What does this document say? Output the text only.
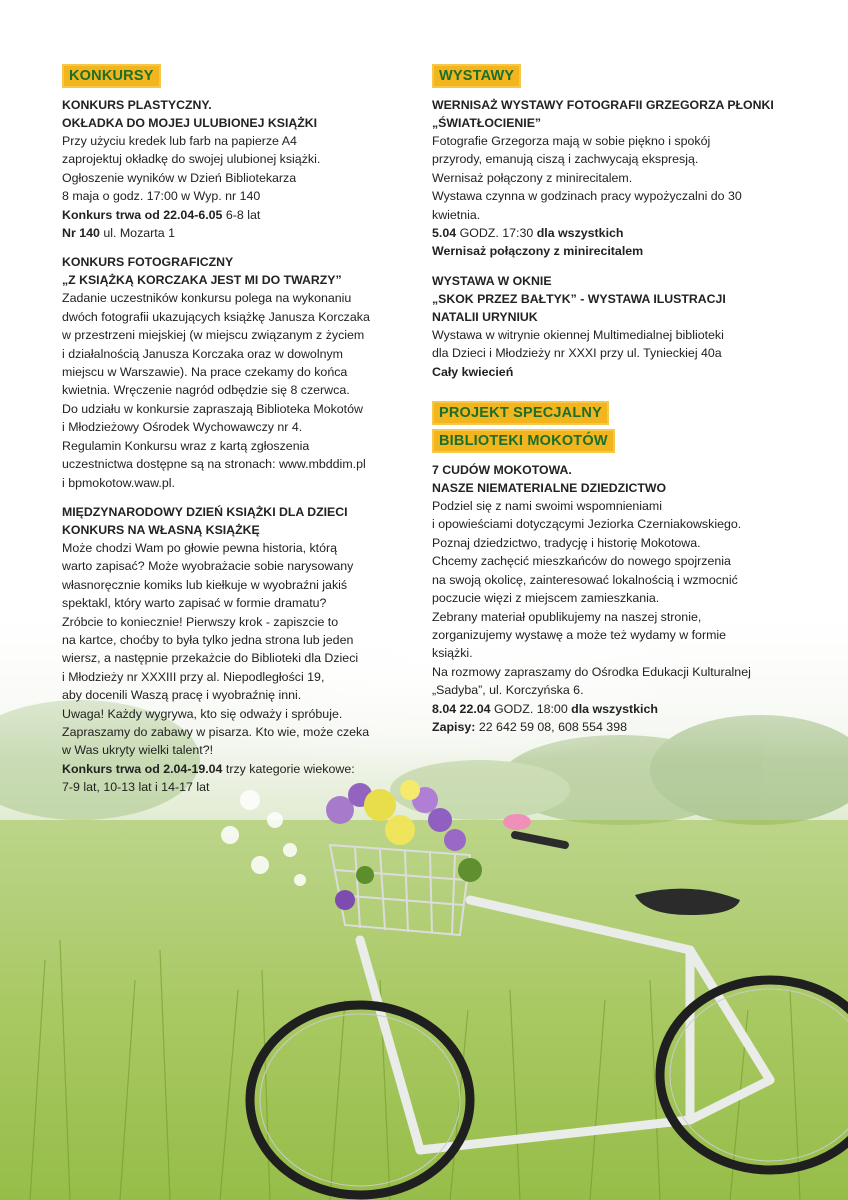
KONKURSY
KONKURS PLASTYCZNY.
OKŁADKA DO MOJEJ ULUBIONEJ KSIĄŻKI
Przy użyciu kredek lub farb na papierze A4
zaprojektuj okładkę do swojej ulubionej książki.
Ogłoszenie wyników w Dzień Bibliotekarza
8 maja o godz. 17:00 w Wyp. nr 140
Konkurs trwa od 22.04-6.05 6-8 lat
Nr 140 ul. Mozarta 1
KONKURS FOTOGRAFICZNY
„Z KSIĄŻKĄ KORCZAKA JEST MI DO TWARZY”
Zadanie uczestników konkursu polega na wykonaniu
dwóch fotografii ukazujących książkę Janusza Korczaka
w przestrzeni miejskiej (w miejscu związanym z życiem
i działalnością Janusza Korczaka oraz w dowolnym
miejscu w Warszawie). Na prace czekamy do końca
kwietnia. Wręczenie nagród odbędzie się 8 czerwca.
Do udziału w konkursie zapraszają Biblioteka Mokotów
i Młodzieżowy Ośrodek Wychowawczy nr 4.
Regulamin Konkursu wraz z kartą zgłoszenia
uczestnictwa dostępne są na stronach: www.mbddim.pl
i bpmokotow.waw.pl.
MIĘDZYNARODOWY DZIEŃ KSIĄŻKI DLA DZIECI
KONKURS NA WŁASNĄ KSIĄŻKĘ
Może chodzi Wam po głowie pewna historia, którą
warto zapisać? Może wyobrażacie sobie narysowany
własnoręcznie komiks lub kiełkuje w wyobraźni jakiś
spektakl, który warto zapisać w formie dramatu?
Zróbcie to koniecznie! Pierwszy krok - zapiszcie to
na kartce, choćby to była tylko jedna strona lub jeden
wiersz, a następnie przekażcie do Biblioteki dla Dzieci
i Młodzieży nr XXXIII przy al. Niepodległości 19,
aby docenili Waszą pracę i wyobraźnię inni.
Uwaga! Każdy wygrywa, kto się odważy i spróbuje.
Zapraszamy do zabawy w pisarza. Kto wie, może czeka
w Was ukryty wielki talent?!
Konkurs trwa od 2.04-19.04 trzy kategorie wiekowe:
7-9 lat, 10-13 lat i 14-17 lat
WYSTAWY
WERNISAŻ WYSTAWY FOTOGRAFII GRZEGORZA PŁONKI
„ŚWIATŁOCIENIE”
Fotografie Grzegorza mają w sobie piękno i spokój
przyrody, emanują ciszą i zachwycają ekspresją.
Wernisaż połączony z minirecitalem.
Wystawa czynna w godzinach pracy wypożyczalni do 30
kwietnia.
5.04 GODZ. 17:30 dla wszystkich
Wernisaż połączony z minirecitalem
WYSTAWA W OKNIE
„SKOK PRZEZ BAŁTYK” - WYSTAWA ILUSTRACJI
NATALII URYNIUK
Wystawa w witrynie okiennej Multimedialnej biblioteki
dla Dzieci i Młodzieży nr XXXI przy ul. Tynieckiej 40a
Cały kwiecień
PROJEKT SPECJALNY
BIBLIOTEKI MOKOTÓW
7 CUDÓW MOKOTOWA.
NASZE NIEMATERIALNE DZIEDZICTWO
Podziel się z nami swoimi wspomnieniami
i opowieściami dotyczącymi Jeziorka Czerniakowskiego.
Poznaj dziedzictwo, tradycję i historię Mokotowa.
Chcemy zachęcić mieszkańców do nowego spojrzenia
na swoją okolicę, zainteresować lokalnością i wzmocnić
poczucie więzi z miejscem zamieszkania.
Zebrany materiał opublikujemy na naszej stronie,
zorganizujemy wystawę a może też wydamy w formie
książki.
Na rozmowy zapraszamy do Ośrodka Edukacji Kulturalnej
„Sadyba”, ul. Korczyńska 6.
8.04 22.04 GODZ. 18:00 dla wszystkich
Zapisy: 22 642 59 08, 608 554 398
